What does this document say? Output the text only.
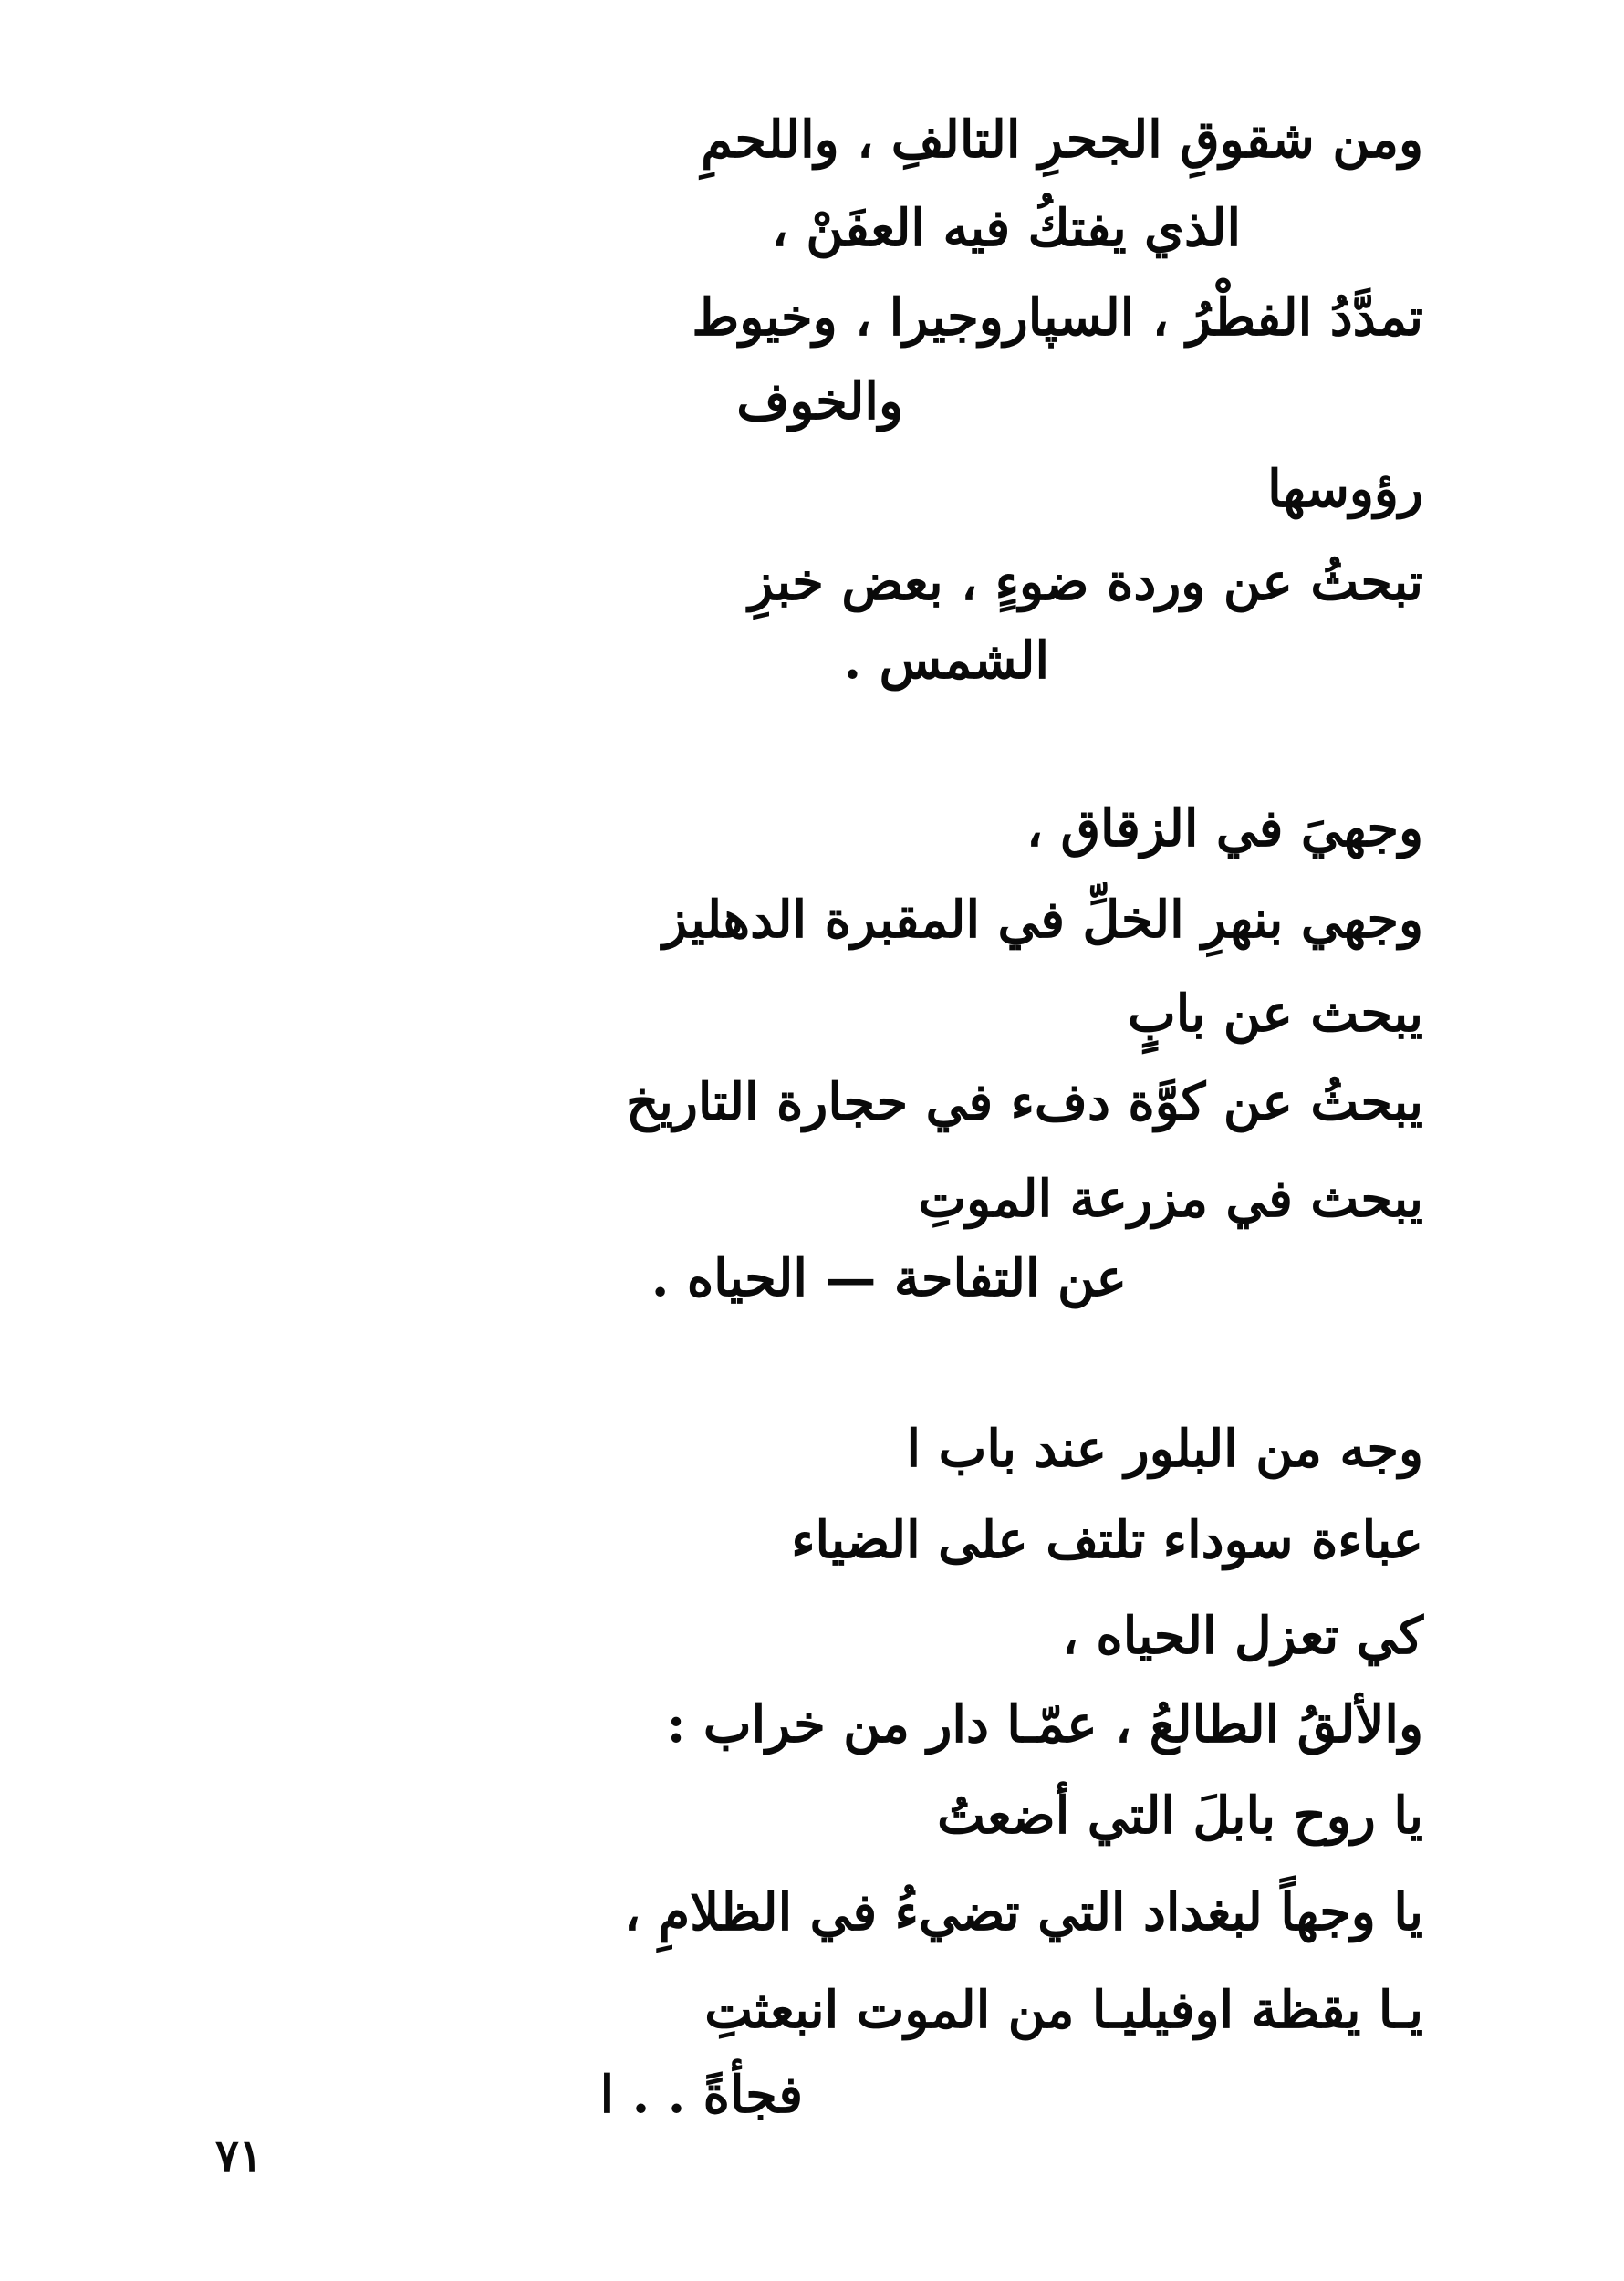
ومن شقوقِ الجحرِ التالفِ ، واللحمِ
الذي يفتكُ فيه العفَنْ ،
تمدَّدُ الفطْرُ ، السپاروجيرا ، وخيوط
والخوف
رؤوسها
تبحثُ عن وردة ضوءٍ ، بعض خبزِ
الشمس .
وجهيَ في الزقاق ،
وجهي بنهرِ الخلِّ في المقبرة الدهليز
يبحث عن بابٍ
يبحثُ عن كوَّة دفء في حجارة التاريخ
يبحث في مزرعة الموتِ
عن التفاحة — الحياه .
وجه من البلور عند باب ا
عباءة سوداء تلتف على الضياء
كي تعزل الحياه ،
والألقُ الطالعُ ، عمّـا دار من خراب :
يا روح بابلَ التي أضعتُ
يا وجهاً لبغداد التي تضيءُ في الظلامِ ،
يـا يقظة اوفيليـا من الموت انبعثتِ
فجأةً . . ا
٧١
